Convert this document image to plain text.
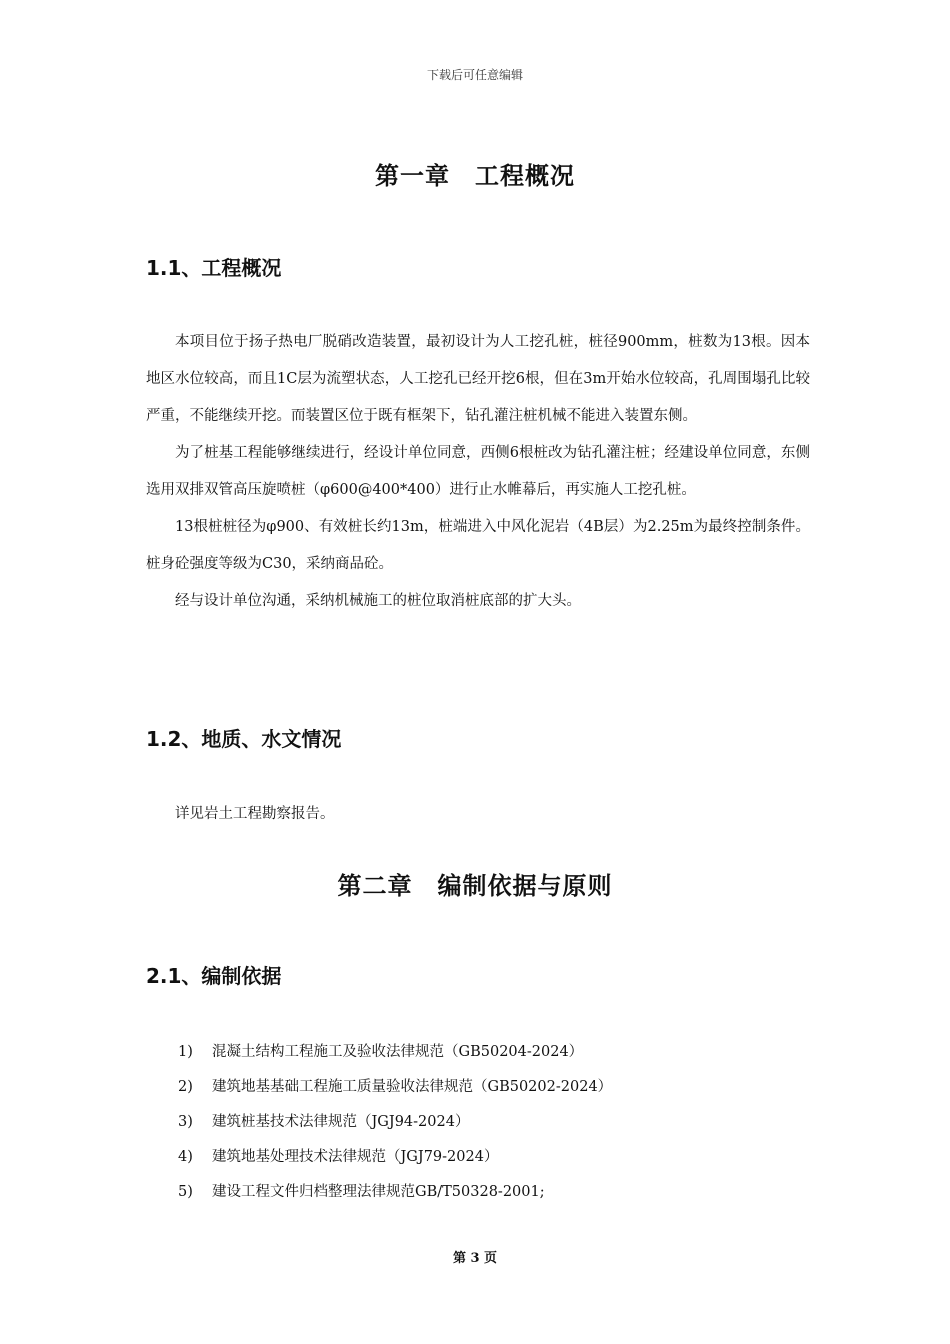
下载后可任意编辑
第一章　工程概况
1.1、工程概况

本项目位于扬子热电厂脱硝改造装置，最初设计为人工挖孔桩，桩径900mm，桩数为13根。因本地区水位较高，而且1C层为流塑状态，人工挖孔已经开挖6根，但在3m开始水位较高，孔周围塌孔比较严重，不能继续开挖。而装置区位于既有框架下，钻孔灌注桩机械不能进入装置东侧。

为了桩基工程能够继续进行，经设计单位同意，西侧6根桩改为钻孔灌注桩；经建设单位同意，东侧选用双排双管高压旋喷桩（φ600@400*400）进行止水帷幕后，再实施人工挖孔桩。

13根桩桩径为φ900、有效桩长约13m，桩端进入中风化泥岩（4B层）为2.25m为最终控制条件。桩身砼强度等级为C30，采纳商品砼。

经与设计单位沟通，采纳机械施工的桩位取消桩底部的扩大头。

1.2、地质、水文情况

详见岩土工程勘察报告。

第二章　编制依据与原则
2.1、编制依据
1) 混凝土结构工程施工及验收法律规范（GB50204-2024）
2) 建筑地基基础工程施工质量验收法律规范（GB50202-2024）
3) 建筑桩基技术法律规范（JGJ94-2024）
4) 建筑地基处理技术法律规范（JGJ79-2024）
5) 建设工程文件归档整理法律规范GB/T50328-2001;
第 3 页
